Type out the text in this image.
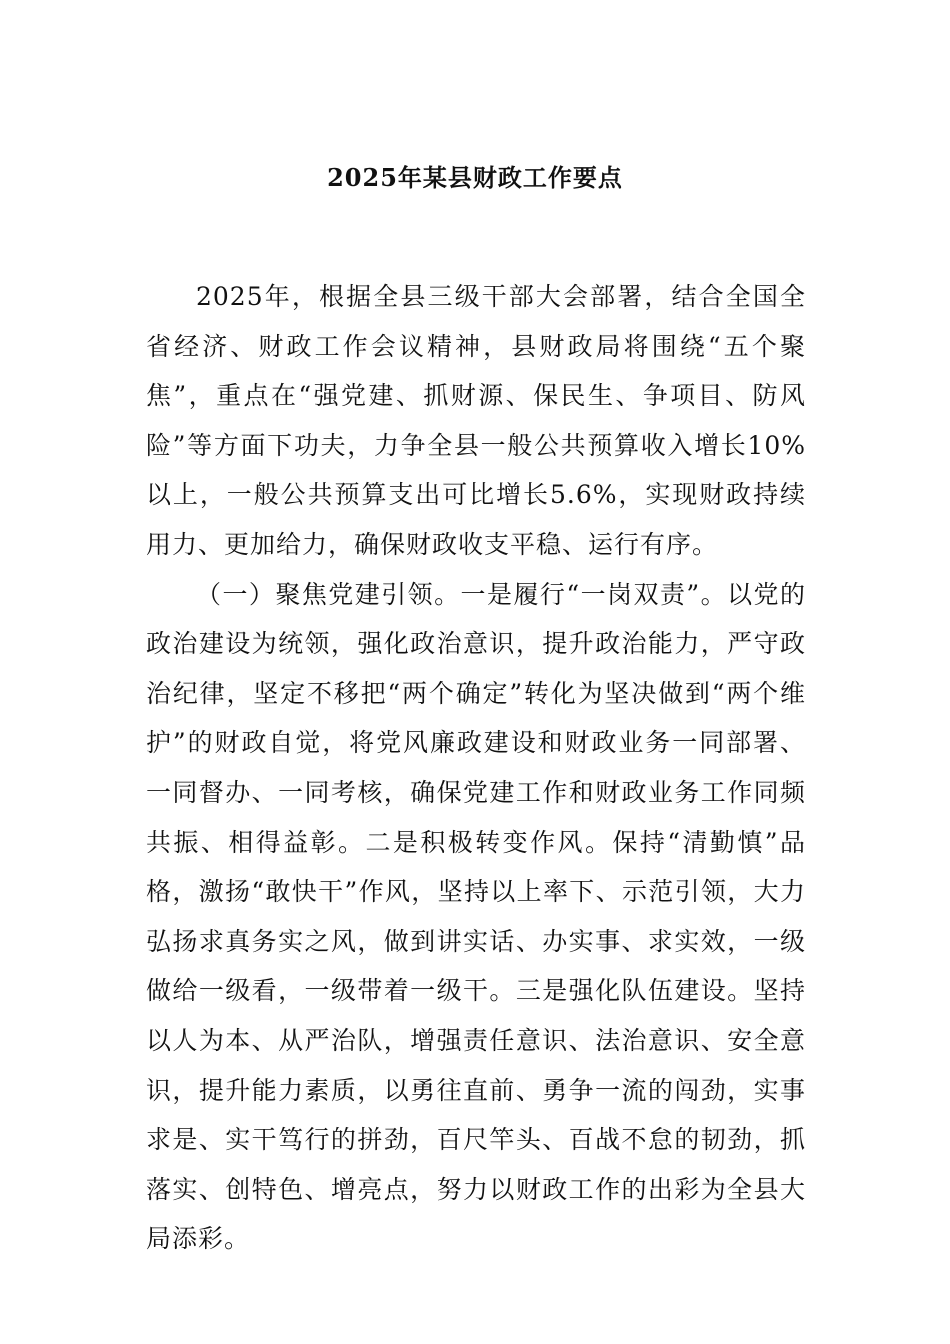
2025年某县财政工作要点

2025年，根据全县三级干部大会部署，结合全国全省经济、财政工作会议精神，县财政局将围绕“五个聚焦”，重点在“强党建、抓财源、保民生、争项目、防风险”等方面下功夫，力争全县一般公共预算收入增长10%以上，一般公共预算支出可比增长5.6%，实现财政持续用力、更加给力，确保财政收支平稳、运行有序。

（一）聚焦党建引领。一是履行“一岗双责”。以党的政治建设为统领，强化政治意识，提升政治能力，严守政治纪律，坚定不移把“两个确定”转化为坚决做到“两个维护”的财政自觉，将党风廉政建设和财政业务一同部署、一同督办、一同考核，确保党建工作和财政业务工作同频共振、相得益彰。二是积极转变作风。保持“清勤慎”品格，激扬“敢快干”作风，坚持以上率下、示范引领，大力弘扬求真务实之风，做到讲实话、办实事、求实效，一级做给一级看，一级带着一级干。三是强化队伍建设。坚持以人为本、从严治队，增强责任意识、法治意识、安全意识，提升能力素质，以勇往直前、勇争一流的闯劲，实事求是、实干笃行的拼劲，百尺竿头、百战不怠的韧劲，抓落实、创特色、增亮点，努力以财政工作的出彩为全县大局添彩。
